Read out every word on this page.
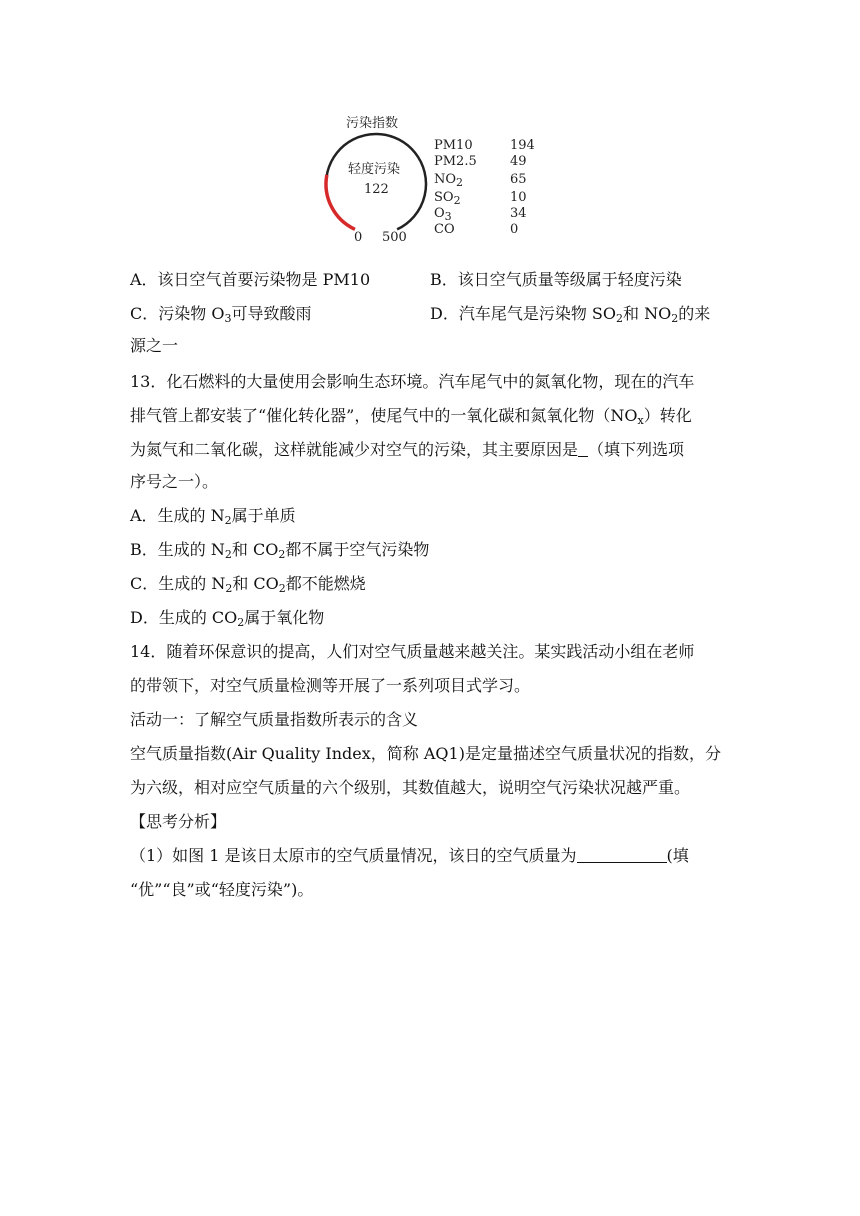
污染指数
轻度污染
122
0 500
PM10	194
PM2.5	49
$NO_2$	65
$SO_2$	10
$O_3$	34
CO	0
A．该日空气首要污染物是 PM10	B．该日空气质量等级属于轻度污染
C．污染物 $O_3$可导致酸雨	D．汽车尾气是污染物 $SO_2$和 $NO_2$的来
源之一
13．化石燃料的大量使用会影响生态环境。汽车尾气中的氮氧化物，现在的汽车
排气管上都安装了“催化转化器”，使尾气中的一氧化碳和氮氧化物$(NO_x)$转化
为氮气和二氧化碳，这样就能减少对空气的污染，其主要原因是 （填下列选项
序号之一）。
A．生成的 $N_2$属于单质
B．生成的 $N_2$和 $CO_2$都不属于空气污染物
C．生成的 $N_2$和 $CO_2$都不能燃烧
D．生成的 $CO_2$属于氧化物
14．随着环保意识的提高，人们对空气质量越来越关注。某实践活动小组在老师
的带领下，对空气质量检测等开展了一系列项目式学习。
活动一：了解空气质量指数所表示的含义
空气质量指数(Air Quality Index，简称 AQ1)是定量描述空气质量状况的指数，分
为六级，相对应空气质量的六个级别，其数值越大，说明空气污染状况越严重。
【思考分析】
（1）如图 1 是该日太原市的空气质量情况，该日的空气质量为	(填
“优”“良”或“轻度污染”)。
